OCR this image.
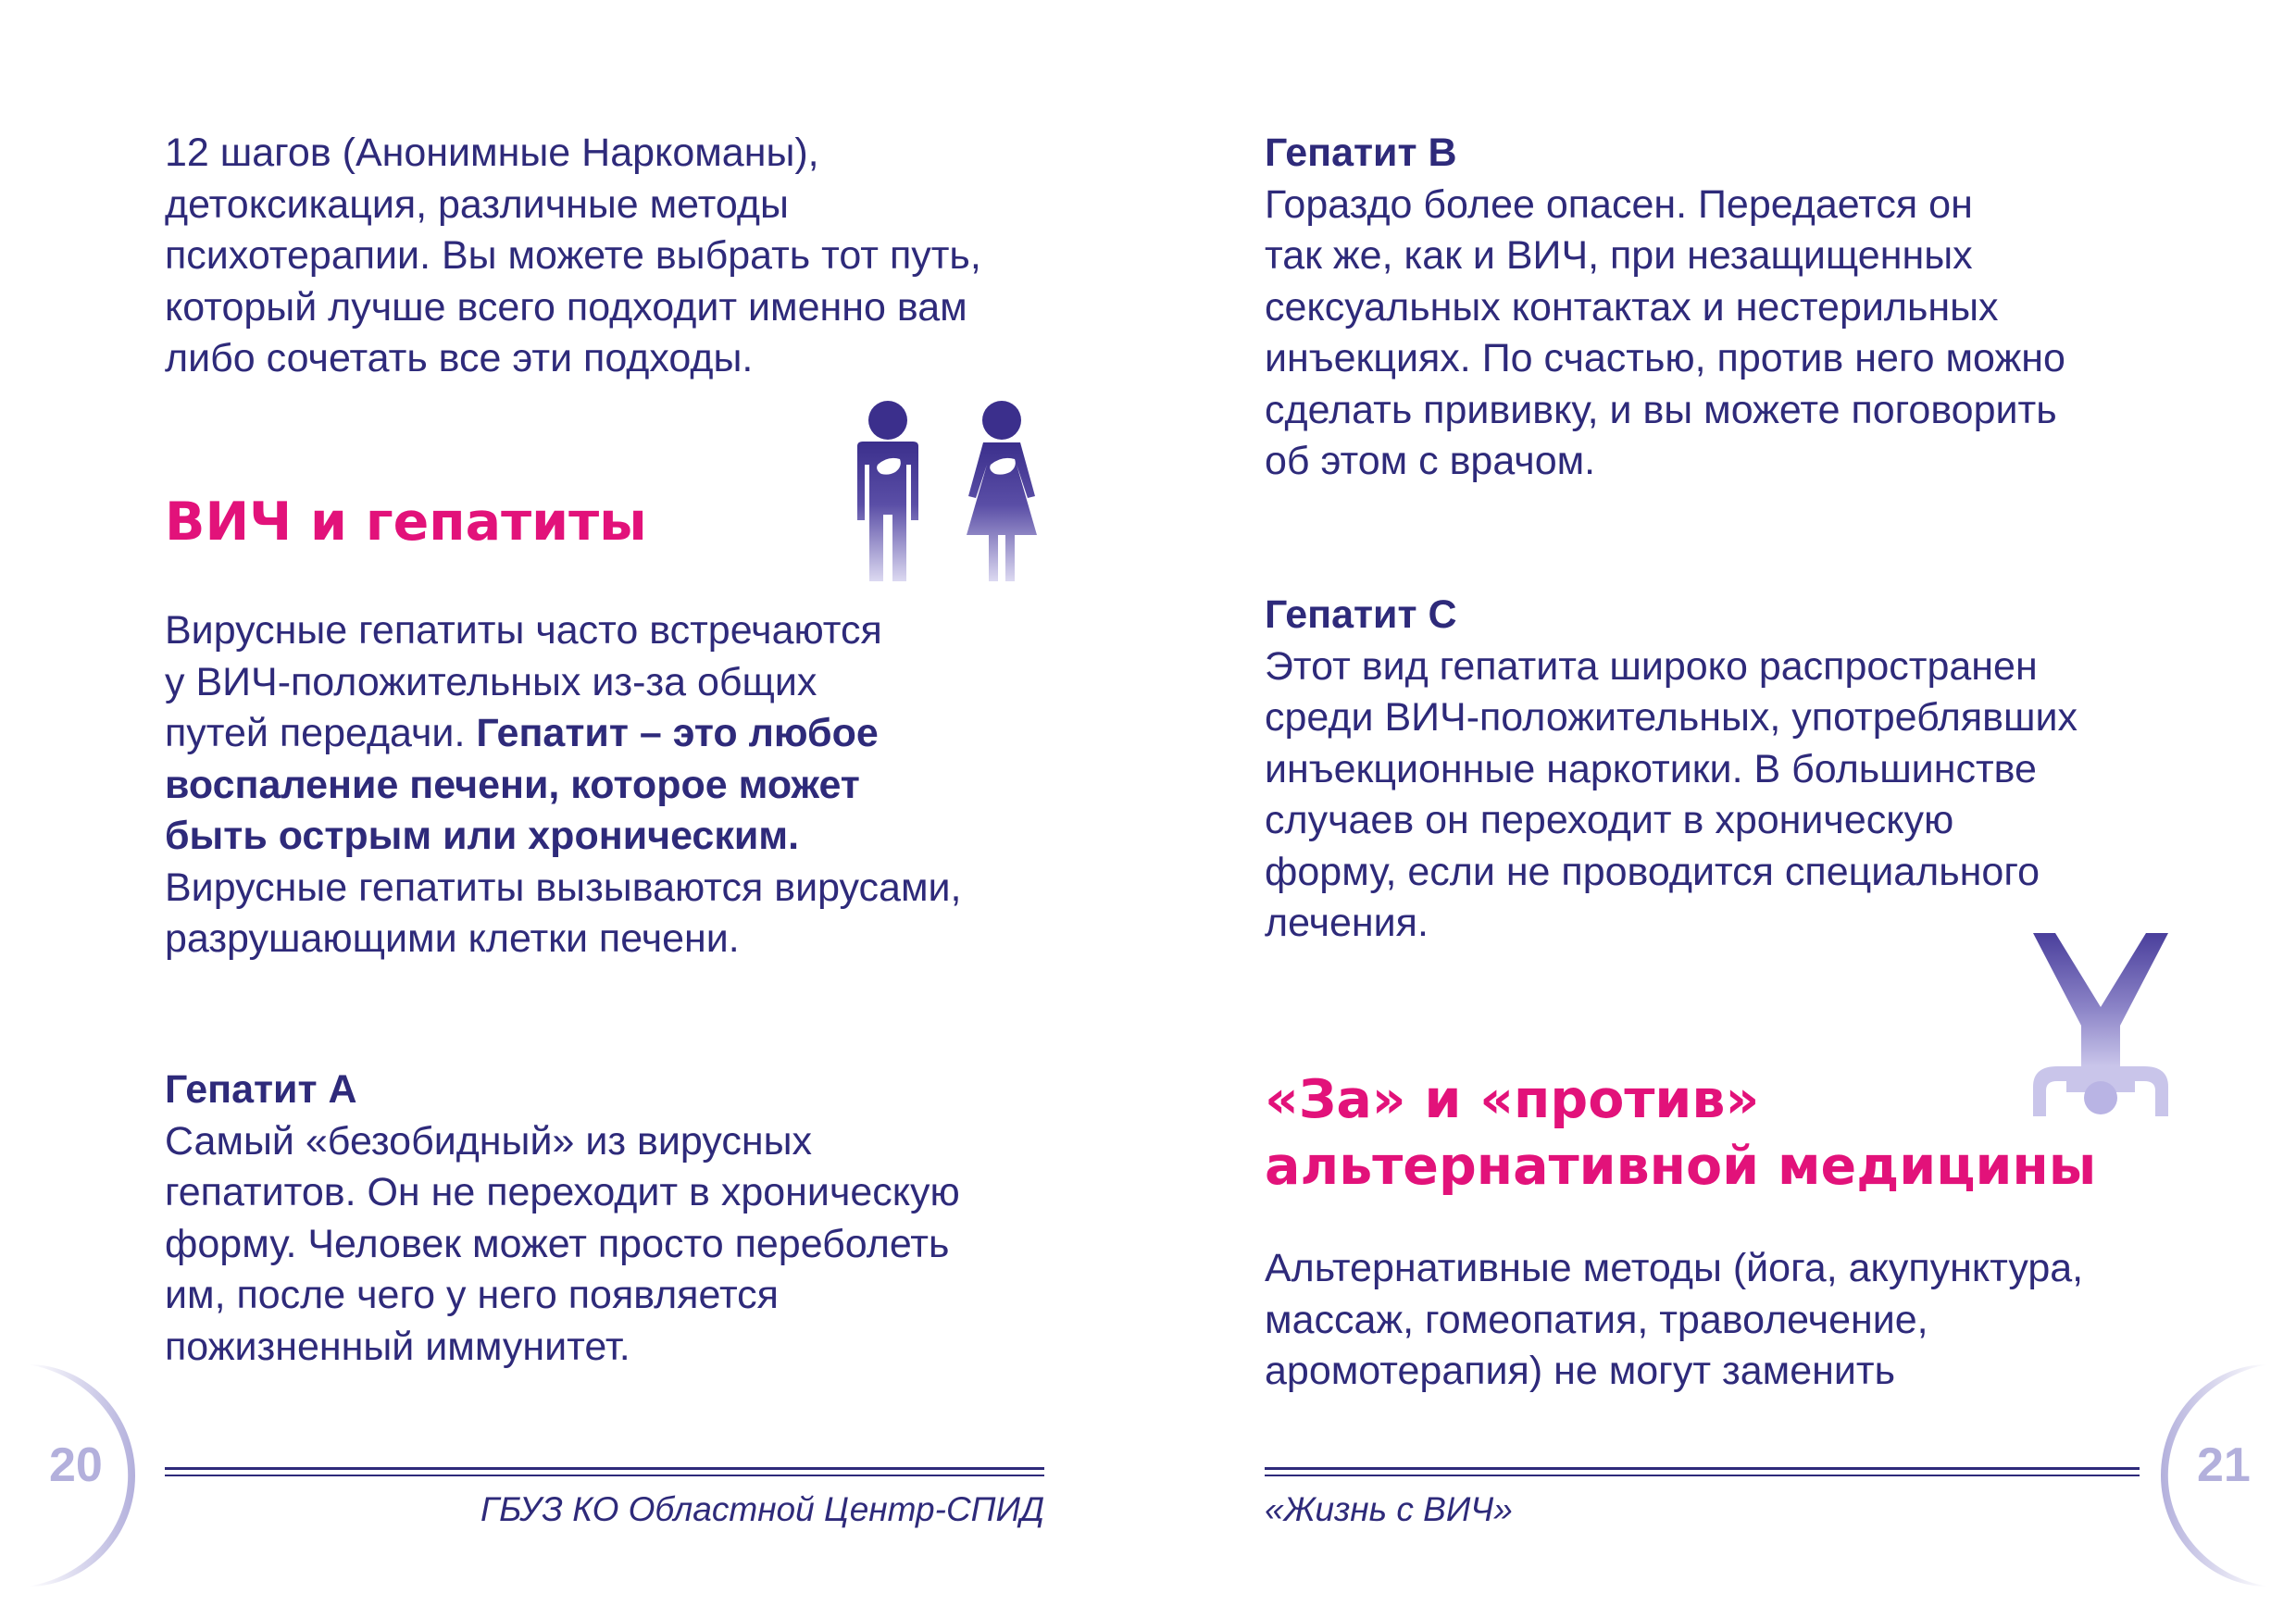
12 шагов (Анонимные Наркоманы),

детоксикация, различные методы

психотерапии. Вы можете выбрать тот путь,

который лучше всего подходит именно вам

либо сочетать все эти подходы.

ВИЧ и гепатиты

Вирусные гепатиты часто встречаются

у ВИЧ-положительных из-за общих

путей передачи. Гепатит – это любое

воспаление печени, которое может

быть острым или хроническим.

Вирусные гепатиты вызываются вирусами,

разрушающими клетки печени.

Гепатит А

Самый «безобидный» из вирусных

гепатитов. Он не переходит в хроническую

форму. Человек может просто переболеть

им, после чего у него появляется

пожизненный иммунитет.

20
ГБУЗ КО Областной Центр-СПИД

Гепатит В

Гораздо более опасен. Передается он

так же, как и ВИЧ, при незащищенных

сексуальных контактах и нестерильных

инъекциях. По счастью, против него можно

сделать прививку, и вы можете поговорить

об этом с врачом.

Гепатит С

Этот вид гепатита широко распространен

среди ВИЧ-положительных, употреблявших

инъекционные наркотики. В большинстве

случаев он переходит в хроническую

форму, если не проводится специального

лечения.

«За» и «против»
альтернативной медицины

Альтернативные методы (йога, акупунктура,

массаж, гомеопатия, траволечение,

аромотерапия) не могут заменить

«Жизнь с ВИЧ»
21
